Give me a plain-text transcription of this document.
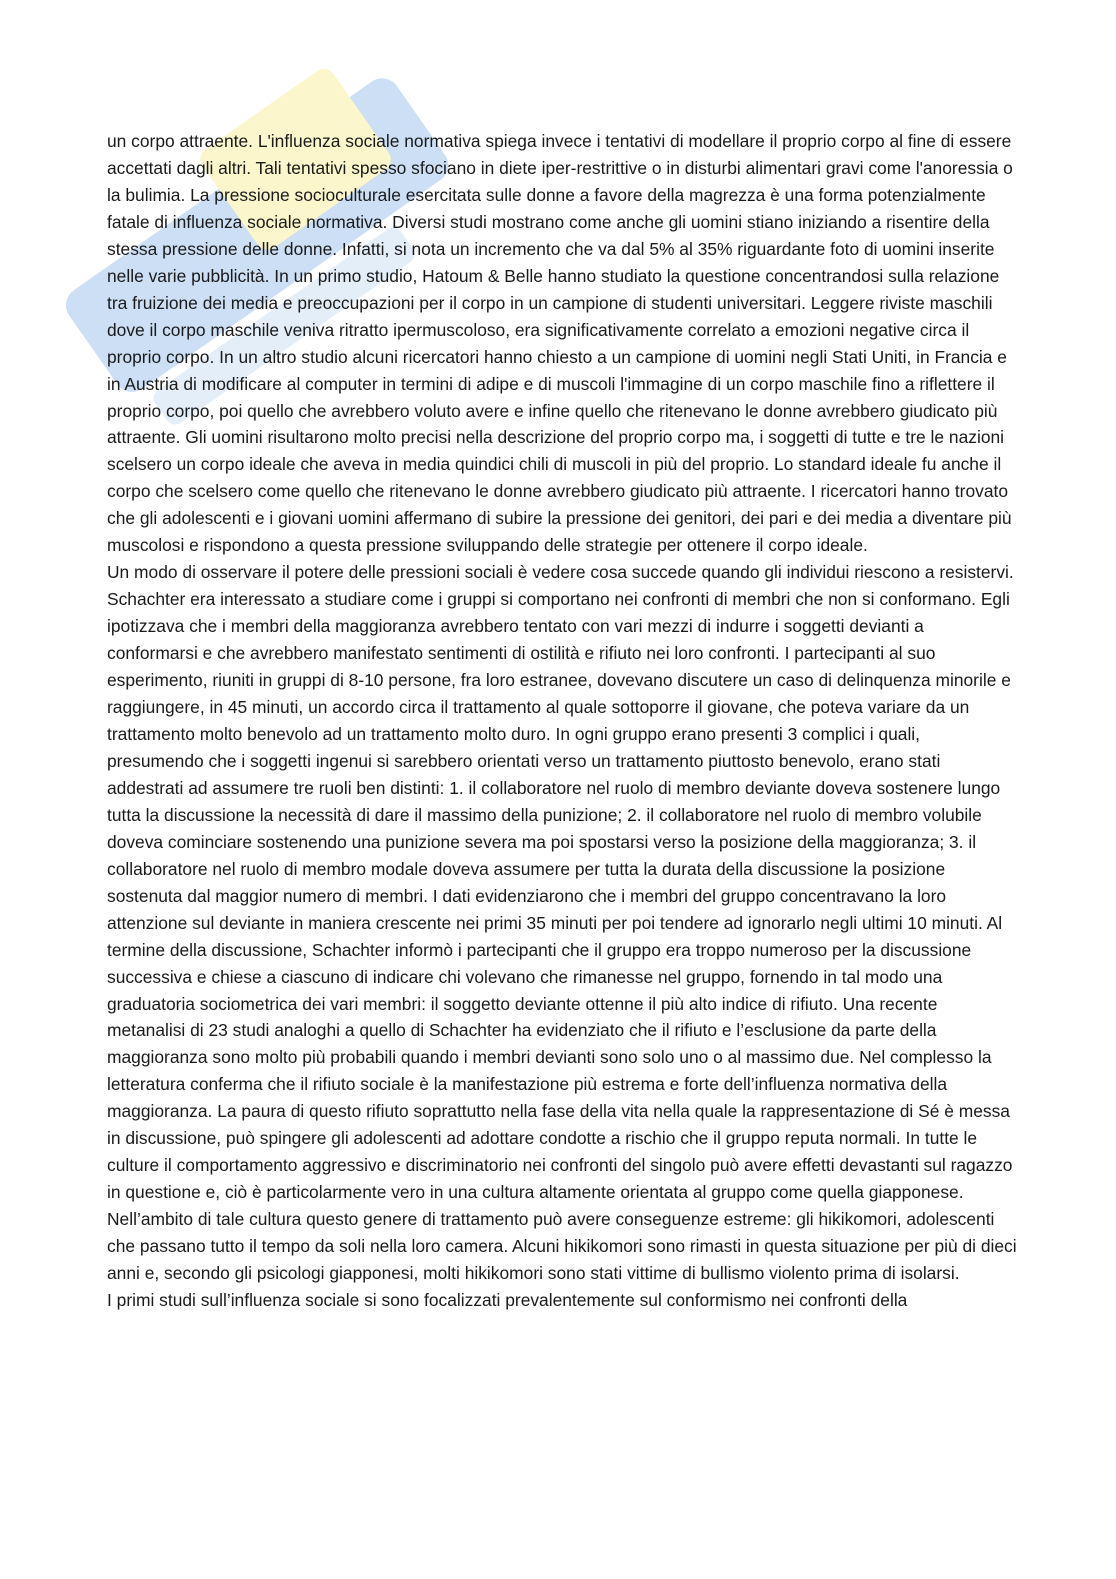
un corpo attraente. L'influenza sociale normativa spiega invece i tentativi di modellare il proprio corpo al fine di essere accettati dagli altri. Tali tentativi spesso sfociano in diete iper-restrittive o in disturbi alimentari gravi come l'anoressia o la bulimia. La pressione socioculturale esercitata sulle donne a favore della magrezza è una forma potenzialmente fatale di influenza sociale normativa. Diversi studi mostrano come anche gli uomini stiano iniziando a risentire della stessa pressione delle donne. Infatti, si nota un incremento che va dal 5% al 35% riguardante foto di uomini inserite nelle varie pubblicità. In un primo studio, Hatoum & Belle hanno studiato la questione concentrandosi sulla relazione tra fruizione dei media e preoccupazioni per il corpo in un campione di studenti universitari. Leggere riviste maschili dove il corpo maschile veniva ritratto ipermuscoloso, era significativamente correlato a emozioni negative circa il proprio corpo. In un altro studio alcuni ricercatori hanno chiesto a un campione di uomini negli Stati Uniti, in Francia e in Austria di modificare al computer in termini di adipe e di muscoli l'immagine di un corpo maschile fino a riflettere il proprio corpo, poi quello che avrebbero voluto avere e infine quello che ritenevano le donne avrebbero giudicato più attraente. Gli uomini risultarono molto precisi nella descrizione del proprio corpo ma, i soggetti di tutte e tre le nazioni scelsero un corpo ideale che aveva in media quindici chili di muscoli in più del proprio. Lo standard ideale fu anche il corpo che scelsero come quello che ritenevano le donne avrebbero giudicato più attraente. I ricercatori hanno trovato che gli adolescenti e i giovani uomini affermano di subire la pressione dei genitori, dei pari e dei media a diventare più muscolosi e rispondono a questa pressione sviluppando delle strategie per ottenere il corpo ideale.

Un modo di osservare il potere delle pressioni sociali è vedere cosa succede quando gli individui riescono a resistervi. Schachter era interessato a studiare come i gruppi si comportano nei confronti di membri che non si conformano. Egli ipotizzava che i membri della maggioranza avrebbero tentato con vari mezzi di indurre i soggetti devianti a conformarsi e che avrebbero manifestato sentimenti di ostilità e rifiuto nei loro confronti. I partecipanti al suo esperimento, riuniti in gruppi di 8-10 persone, fra loro estranee, dovevano discutere un caso di delinquenza minorile e raggiungere, in 45 minuti, un accordo circa il trattamento al quale sottoporre il giovane, che poteva variare da un trattamento molto benevolo ad un trattamento molto duro. In ogni gruppo erano presenti 3 complici i quali, presumendo che i soggetti ingenui si sarebbero orientati verso un trattamento piuttosto benevolo, erano stati addestrati ad assumere tre ruoli ben distinti: 1. il collaboratore nel ruolo di membro deviante doveva sostenere lungo tutta la discussione la necessità di dare il massimo della punizione; 2. il collaboratore nel ruolo di membro volubile doveva cominciare sostenendo una punizione severa ma poi spostarsi verso la posizione della maggioranza; 3. il collaboratore nel ruolo di membro modale doveva assumere per tutta la durata della discussione la posizione sostenuta dal maggior numero di membri. I dati evidenziarono che i membri del gruppo concentravano la loro attenzione sul deviante in maniera crescente nei primi 35 minuti per poi tendere ad ignorarlo negli ultimi 10 minuti. Al termine della discussione, Schachter informò i partecipanti che il gruppo era troppo numeroso per la discussione successiva e chiese a ciascuno di indicare chi volevano che rimanesse nel gruppo, fornendo in tal modo una graduatoria sociometrica dei vari membri: il soggetto deviante ottenne il più alto indice di rifiuto. Una recente metanalisi di 23 studi analoghi a quello di Schachter ha evidenziato che il rifiuto e l’esclusione da parte della maggioranza sono molto più probabili quando i membri devianti sono solo uno o al massimo due. Nel complesso la letteratura conferma che il rifiuto sociale è la manifestazione più estrema e forte dell’influenza normativa della maggioranza. La paura di questo rifiuto soprattutto nella fase della vita nella quale la rappresentazione di Sé è messa in discussione, può spingere gli adolescenti ad adottare condotte a rischio che il gruppo reputa normali. In tutte le culture il comportamento aggressivo e discriminatorio nei confronti del singolo può avere effetti devastanti sul ragazzo in questione e, ciò è particolarmente vero in una cultura altamente orientata al gruppo come quella giapponese. Nell’ambito di tale cultura questo genere di trattamento può avere conseguenze estreme: gli hikikomori, adolescenti che passano tutto il tempo da soli nella loro camera. Alcuni hikikomori sono rimasti in questa situazione per più di dieci anni e, secondo gli psicologi giapponesi, molti hikikomori sono stati vittime di bullismo violento prima di isolarsi.

I primi studi sull’influenza sociale si sono focalizzati prevalentemente sul conformismo nei confronti della
